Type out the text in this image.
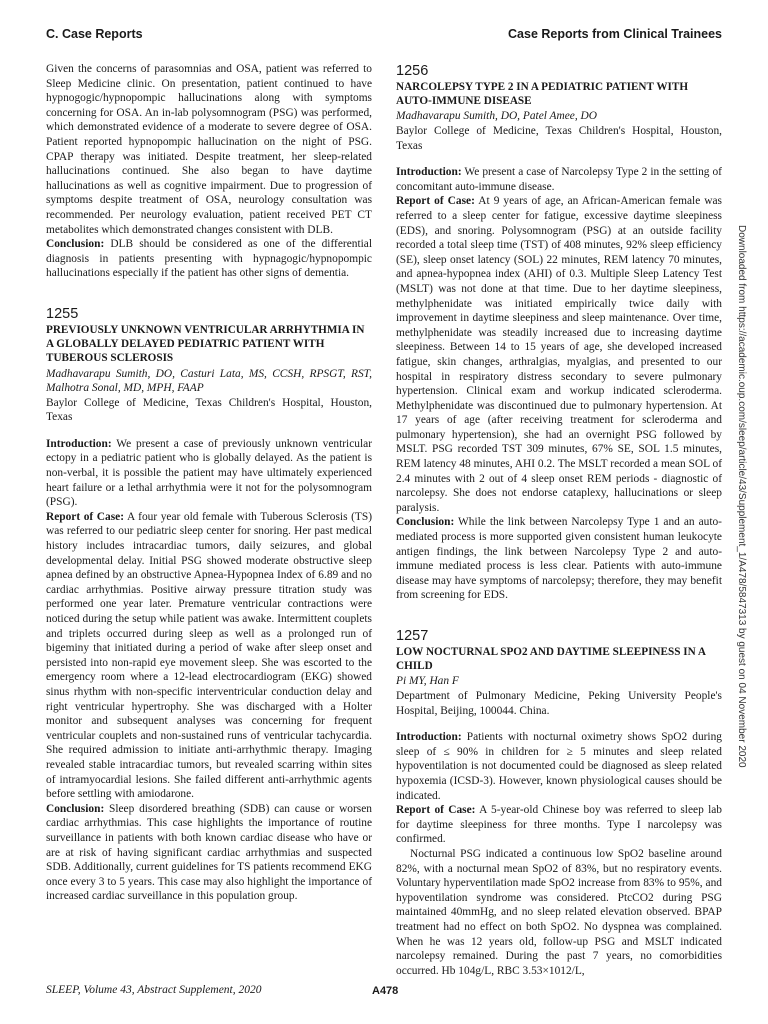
C. Case Reports	Case Reports from Clinical Trainees

Given the concerns of parasomnias and OSA, patient was referred to Sleep Medicine clinic. On presentation, patient continued to have hypnogogic/hypnopompic hallucinations along with symptoms concerning for OSA. An in-lab polysomnogram (PSG) was performed, which demonstrated evidence of a moderate to severe degree of OSA. Patient reported hypnopompic hallucination on the night of PSG. CPAP therapy was initiated. Despite treatment, her sleep-related hallucinations continued. She also began to have daytime hallucinations as well as cognitive impairment. Due to progression of symptoms despite treatment of OSA, neurology consultation was recommended. Per neurology evaluation, patient received PET CT metabolites which demonstrated changes consistent with DLB.

Conclusion: DLB should be considered as one of the differential diagnosis in patients presenting with hypnagogic/hypnopompic hallucinations especially if the patient has other signs of dementia.

1255
PREVIOUSLY UNKNOWN VENTRICULAR ARRHYTHMIA IN A GLOBALLY DELAYED PEDIATRIC PATIENT WITH TUBEROUS SCLEROSIS

Madhavarapu Sumith, DO, Casturi Lata, MS, CCSH, RPSGT, RST, Malhotra Sonal, MD, MPH, FAAP

Baylor College of Medicine, Texas Children's Hospital, Houston, Texas

Introduction: We present a case of previously unknown ventricular ectopy in a pediatric patient who is globally delayed. As the patient is non-verbal, it is possible the patient may have ultimately experienced heart failure or a lethal arrhythmia were it not for the polysomnogram (PSG).

Report of Case: A four year old female with Tuberous Sclerosis (TS) was referred to our pediatric sleep center for snoring. Her past medical history includes intracardiac tumors, daily seizures, and global developmental delay. Initial PSG showed moderate obstructive sleep apnea defined by an obstructive Apnea-Hypopnea Index of 6.89 and no cardiac arrhythmias. Positive airway pressure titration study was performed one year later. Premature ventricular contractions were noticed during the setup while patient was awake. Intermittent couplets and triplets occurred during sleep as well as a prolonged run of bigeminy that initiated during a period of wake after sleep onset and persisted into non-rapid eye movement sleep. She was escorted to the emergency room where a 12-lead electrocardiogram (EKG) showed sinus rhythm with non-specific interventricular conduction delay and right ventricular hypertrophy. She was discharged with a Holter monitor and subsequent analyses was concerning for frequent ventricular couplets and non-sustained runs of ventricular tachycardia. She required admission to initiate anti-arrhythmic therapy. Imaging revealed stable intracardiac tumors, but revealed scarring within sites of intramyocardial lesions. She failed different anti-arrhythmic agents before settling with amiodarone.

Conclusion: Sleep disordered breathing (SDB) can cause or worsen cardiac arrhythmias. This case highlights the importance of routine surveillance in patients with both known cardiac disease who have or are at risk of having significant cardiac arrhythmias and suspected SDB. Additionally, current guidelines for TS patients recommend EKG once every 3 to 5 years. This case may also highlight the importance of increased cardiac surveillance in this population group.

1256
NARCOLEPSY TYPE 2 IN A PEDIATRIC PATIENT WITH AUTO-IMMUNE DISEASE

Madhavarapu Sumith, DO, Patel Amee, DO

Baylor College of Medicine, Texas Children's Hospital, Houston, Texas

Introduction: We present a case of Narcolepsy Type 2 in the setting of concomitant auto-immune disease.

Report of Case: At 9 years of age, an African-American female was referred to a sleep center for fatigue, excessive daytime sleepiness (EDS), and snoring. Polysomnogram (PSG) at an outside facility recorded a total sleep time (TST) of 408 minutes, 92% sleep efficiency (SE), sleep onset latency (SOL) 22 minutes, REM latency 70 minutes, and apnea-hypopnea index (AHI) of 0.3. Multiple Sleep Latency Test (MSLT) was not done at that time. Due to her daytime sleepiness, methylphenidate was initiated empirically twice daily with improvement in daytime sleepiness and sleep maintenance. Over time, methylphenidate was steadily increased due to increasing daytime sleepiness. Between 14 to 15 years of age, she developed increased fatigue, skin changes, arthralgias, myalgias, and presented to our hospital in respiratory distress secondary to severe pulmonary hypertension. Clinical exam and workup indicated scleroderma. Methylphenidate was discontinued due to pulmonary hypertension. At 17 years of age (after receiving treatment for scleroderma and pulmonary hypertension), she had an overnight PSG followed by MSLT. PSG recorded TST 309 minutes, 67% SE, SOL 1.5 minutes, REM latency 48 minutes, AHI 0.2. The MSLT recorded a mean SOL of 2.4 minutes with 2 out of 4 sleep onset REM periods - diagnostic of narcolepsy. She does not endorse cataplexy, hallucinations or sleep paralysis.

Conclusion: While the link between Narcolepsy Type 1 and an auto-mediated process is more supported given consistent human leukocyte antigen findings, the link between Narcolepsy Type 2 and auto-immune mediated process is less clear. Patients with auto-immune disease may have symptoms of narcolepsy; therefore, they may benefit from screening for EDS.

1257
LOW NOCTURNAL SPO2 AND DAYTIME SLEEPINESS IN A CHILD

Pi MY, Han F

Department of Pulmonary Medicine, Peking University People's Hospital, Beijing, 100044. China.

Introduction: Patients with nocturnal oximetry shows SpO2 during sleep of ≤ 90% in children for ≥ 5 minutes and sleep related hypoventilation is not documented could be diagnosed as sleep related hypoxemia (ICSD-3). However, known physiological causes should be indicated.

Report of Case: A 5-year-old Chinese boy was referred to sleep lab for daytime sleepiness for three months. Type I narcolepsy was confirmed.

Nocturnal PSG indicated a continuous low SpO2 baseline around 82%, with a nocturnal mean SpO2 of 83%, but no respiratory events. Voluntary hyperventilation made SpO2 increase from 83% to 95%, and hypoventilation syndrome was considered. PtcCO2 during PSG maintained 40mmHg, and no sleep related elevation observed. BPAP treatment had no effect on both SpO2. No dyspnea was complained. When he was 12 years old, follow-up PSG and MSLT indicated narcolepsy remained. During the past 7 years, no comorbidities occurred. Hb 104g/L, RBC 3.53×1012/L,

Downloaded from https://academic.oup.com/sleep/article/43/Supplement_1/A478/5847313 by guest on 04 November 2020
SLEEP, Volume 43, Abstract Supplement, 2020	A478
